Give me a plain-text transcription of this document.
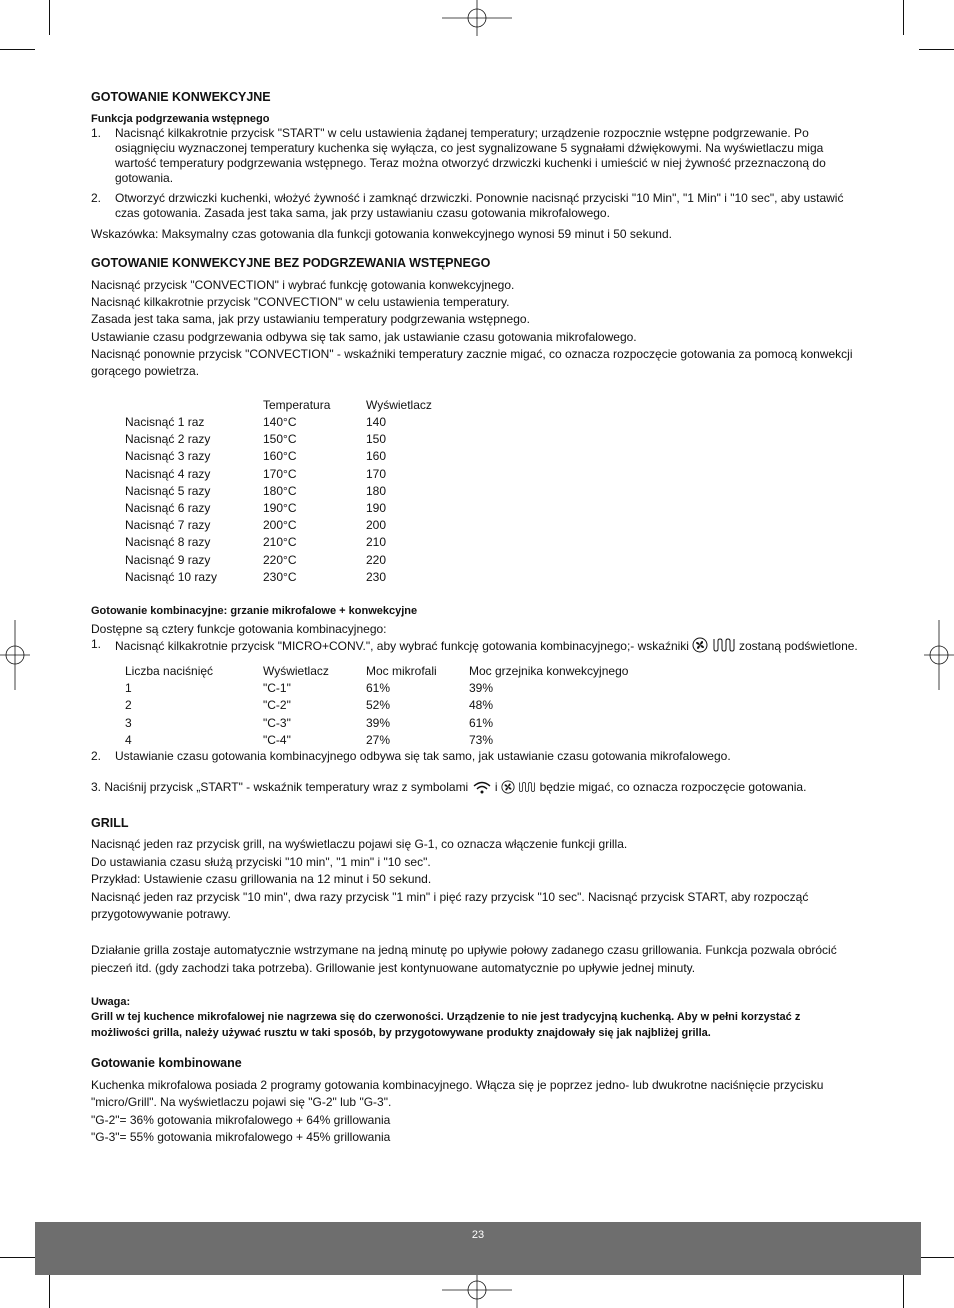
GOTOWANIE KONWEKCYJNE
Funkcja podgrzewania wstępnego
1. Nacisnąć kilkakrotnie przycisk "START" w celu ustawienia żądanej temperatury; urządzenie rozpocznie wstępne podgrzewanie. Po osiągnięciu wyznaczonej temperatury kuchenka się wyłącza, co jest sygnalizowane 5 sygnałami dźwiękowymi. Na wyświetlaczu miga wartość temperatury podgrzewania wstępnego. Teraz można otworzyć drzwiczki kuchenki i umieścić w niej żywność przeznaczoną do gotowania.
2. Otworzyć drzwiczki kuchenki, włożyć żywność i zamknąć drzwiczki. Ponownie nacisnąć przyciski "10 Min", "1 Min" i "10 sec", aby ustawić czas gotowania. Zasada jest taka sama, jak przy ustawianiu czasu gotowania mikrofalowego.

Wskazówka: Maksymalny czas gotowania dla funkcji gotowania konwekcyjnego wynosi 59 minut i 50 sekund.

GOTOWANIE KONWEKCYJNE BEZ PODGRZEWANIA WSTĘPNEGO
Nacisnąć przycisk "CONVECTION" i wybrać funkcję gotowania konwekcyjnego.
Nacisnąć kilkakrotnie przycisk "CONVECTION" w celu ustawienia temperatury.
Zasada jest taka sama, jak przy ustawianiu temperatury podgrzewania wstępnego.
Ustawianie czasu podgrzewania odbywa się tak samo, jak ustawianie czasu gotowania mikrofalowego.
Nacisnąć ponownie przycisk "CONVECTION" - wskaźniki temperatury zacznie migać, co oznacza rozpoczęcie gotowania za pomocą konwekcji gorącego powietrza.
	Temperatura	Wyświetlacz
Nacisnąć 1 raz	140°C	140
Nacisnąć 2 razy	150°C	150
Nacisnąć 3 razy	160°C	160
Nacisnąć 4 razy	170°C	170
Nacisnąć 5 razy	180°C	180
Nacisnąć 6 razy	190°C	190
Nacisnąć 7 razy	200°C	200
Nacisnąć 8 razy	210°C	210
Nacisnąć 9 razy	220°C	220
Nacisnąć 10 razy	230°C	230
Gotowanie kombinacyjne: grzanie mikrofalowe + konwekcyjne
Dostępne są cztery funkcje gotowania kombinacyjnego:
1. Nacisnąć kilkakrotnie przycisk "MICRO+CONV.", aby wybrać funkcję gotowania kombinacyjnego;- wskaźniki	zostaną podświetlone.
Liczba naciśnięć	Wyświetlacz	Moc mikrofali	Moc grzejnika konwekcyjnego
1	"C-1"	61%	39%
2	"C-2"	52%	48%
3	"C-3"	39%	61%
4	"C-4"	27%	73%
2. Ustawianie czasu gotowania kombinacyjnego odbywa się tak samo, jak ustawianie czasu gotowania mikrofalowego.
3. Naciśnij przycisk „START" - wskaźnik temperatury wraz z symbolami i	będzie migać, co oznacza rozpoczęcie gotowania.
GRILL
Nacisnąć jeden raz przycisk grill, na wyświetlaczu pojawi się G-1, co oznacza włączenie funkcji grilla.
Do ustawiania czasu służą przyciski "10 min", "1 min" i "10 sec".
Przykład: Ustawienie czasu grillowania na 12 minut i 50 sekund.
Nacisnąć jeden raz przycisk "10 min", dwa razy przycisk "1 min" i pięć razy przycisk "10 sec". Nacisnąć przycisk START, aby rozpocząć przygotowywanie potrawy.
Działanie grilla zostaje automatycznie wstrzymane na jedną minutę po upływie połowy zadanego czasu grillowania. Funkcja pozwala obrócić pieczeń itd. (gdy zachodzi taka potrzeba). Grillowanie jest kontynuowane automatycznie po upływie jednej minuty.
Uwaga:
Grill w tej kuchence mikrofalowej nie nagrzewa się do czerwoności. Urządzenie to nie jest tradycyjną kuchenką. Aby w pełni korzystać z możliwości grilla, należy używać rusztu w taki sposób, by przygotowywane produkty znajdowały się jak najbliżej grilla.
Gotowanie kombinowane
Kuchenka mikrofalowa posiada 2 programy gotowania kombinacyjnego. Włącza się je poprzez jedno- lub dwukrotne naciśnięcie przycisku "micro/Grill". Na wyświetlaczu pojawi się "G-2" lub "G-3".
"G-2"= 36% gotowania mikrofalowego + 64% grillowania
"G-3"= 55% gotowania mikrofalowego + 45% grillowania
23
